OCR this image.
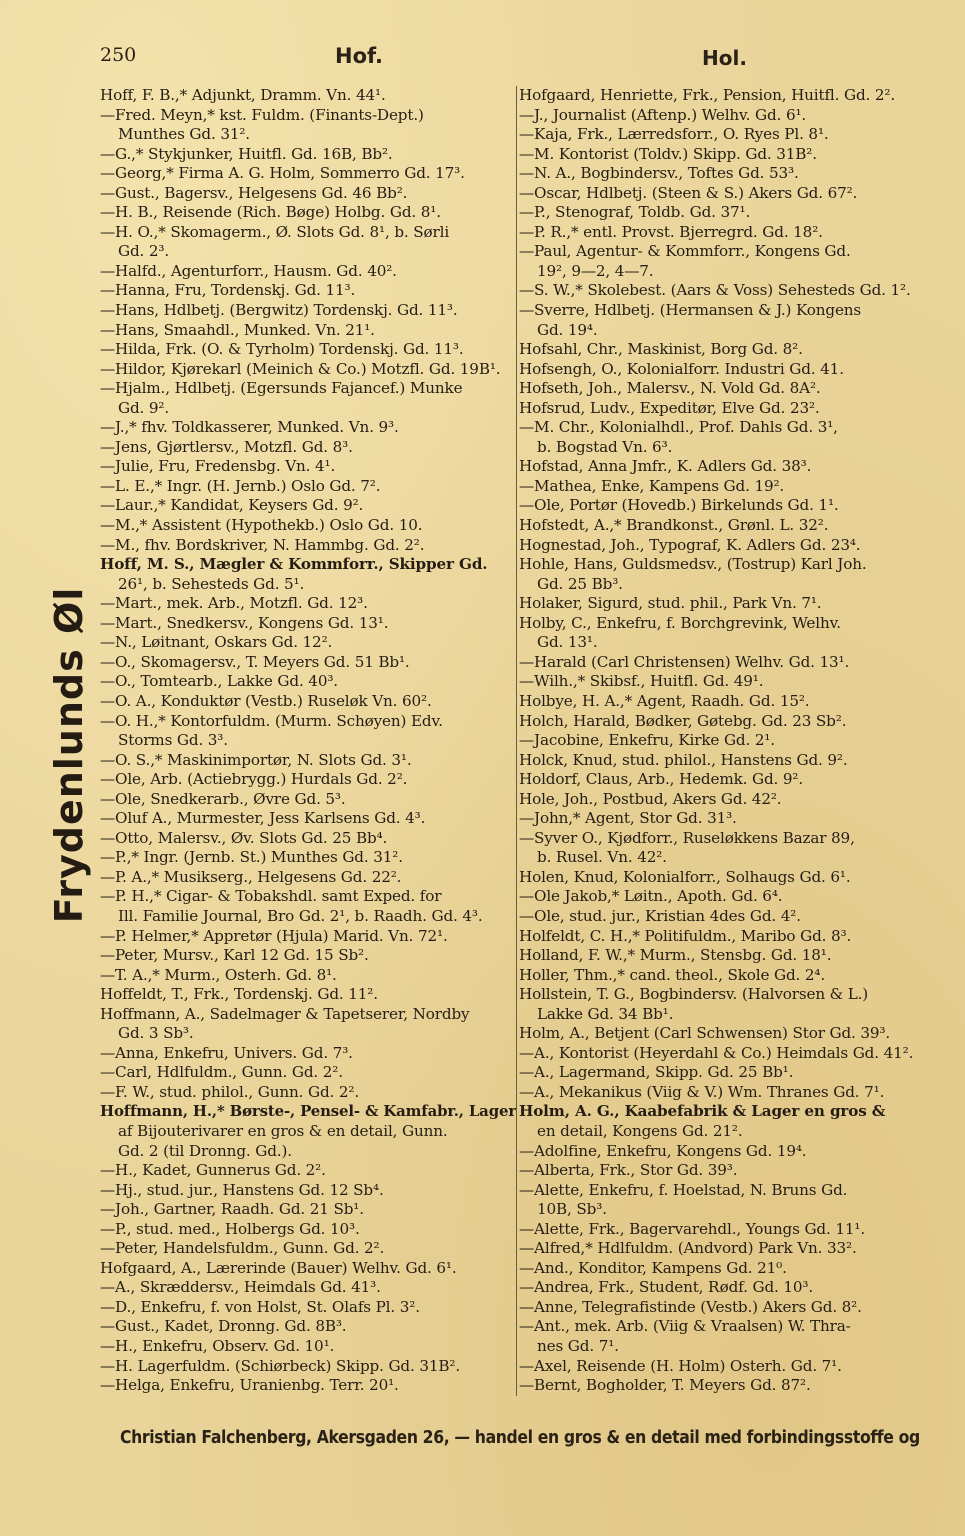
250	Hof.	Hol.
Frydenlunds Øl
Hoff, F. B.,* Adjunkt, Dramm. Vn. 44¹.
—Fred. Meyn,* kst. Fuldm. (Finants-Dept.)
Munthes Gd. 31².
—G.,* Stykjunker, Huitfl. Gd. 16B, Bb².
—Georg,* Firma A. G. Holm, Sommerro Gd. 17³.
—Gust., Bagersv., Helgesens Gd. 46 Bb².
—H. B., Reisende (Rich. Bøge) Holbg. Gd. 8¹.
—H. O.,* Skomagerm., Ø. Slots Gd. 8¹, b. Sørli
Gd. 2³.
—Halfd., Agenturforr., Hausm. Gd. 40².
—Hanna, Fru, Tordenskj. Gd. 11³.
—Hans, Hdlbetj. (Bergwitz) Tordenskj. Gd. 11³.
—Hans, Smaahdl., Munked. Vn. 21¹.
—Hilda, Frk. (O. & Tyrholm) Tordenskj. Gd. 11³.
—Hildor, Kjørekarl (Meinich & Co.) Motzfl. Gd. 19B¹.
—Hjalm., Hdlbetj. (Egersunds Fajancef.) Munke
Gd. 9².
—J.,* fhv. Toldkasserer, Munked. Vn. 9³.
—Jens, Gjørtlersv., Motzfl. Gd. 8³.
—Julie, Fru, Fredensbg. Vn. 4¹.
—L. E.,* Ingr. (H. Jernb.) Oslo Gd. 7².
—Laur.,* Kandidat, Keysers Gd. 9².
—M.,* Assistent (Hypothekb.) Oslo Gd. 10.
—M., fhv. Bordskriver, N. Hammbg. Gd. 2².
Hoff, M. S., Mægler & Kommforr., Skipper Gd.
26¹, b. Sehesteds Gd. 5¹.
—Mart., mek. Arb., Motzfl. Gd. 12³.
—Mart., Snedkersv., Kongens Gd. 13¹.
—N., Løitnant, Oskars Gd. 12².
—O., Skomagersv., T. Meyers Gd. 51 Bb¹.
—O., Tomtearb., Lakke Gd. 40³.
—O. A., Konduktør (Vestb.) Ruseløk Vn. 60².
—O. H.,* Kontorfuldm. (Murm. Schøyen) Edv.
Storms Gd. 3³.
—O. S.,* Maskinimportør, N. Slots Gd. 3¹.
—Ole, Arb. (Actiebrygg.) Hurdals Gd. 2².
—Ole, Snedkerarb., Øvre Gd. 5³.
—Oluf A., Murmester, Jess Karlsens Gd. 4³.
—Otto, Malersv., Øv. Slots Gd. 25 Bb⁴.
—P.,* Ingr. (Jernb. St.) Munthes Gd. 31².
—P. A.,* Musikserg., Helgesens Gd. 22².
—P. H.,* Cigar- & Tobakshdl. samt Exped. for
Ill. Familie Journal, Bro Gd. 2¹, b. Raadh. Gd. 4³.
—P. Helmer,* Appretør (Hjula) Marid. Vn. 72¹.
—Peter, Mursv., Karl 12 Gd. 15 Sb².
—T. A.,* Murm., Osterh. Gd. 8¹.
Hoffeldt, T., Frk., Tordenskj. Gd. 11².
Hoffmann, A., Sadelmager & Tapetserer, Nordby
Gd. 3 Sb³.
—Anna, Enkefru, Univers. Gd. 7³.
—Carl, Hdlfuldm., Gunn. Gd. 2².
—F. W., stud. philol., Gunn. Gd. 2².
Hoffmann, H.,* Børste-, Pensel- & Kamfabr., Lager
af Bijouterivarer en gros & en detail, Gunn.
Gd. 2 (til Dronng. Gd.).
—H., Kadet, Gunnerus Gd. 2².
—Hj., stud. jur., Hanstens Gd. 12 Sb⁴.
—Joh., Gartner, Raadh. Gd. 21 Sb¹.
—P., stud. med., Holbergs Gd. 10³.
—Peter, Handelsfuldm., Gunn. Gd. 2².
Hofgaard, A., Lærerinde (Bauer) Welhv. Gd. 6¹.
—A., Skræddersv., Heimdals Gd. 41³.
—D., Enkefru, f. von Holst, St. Olafs Pl. 3².
—Gust., Kadet, Dronng. Gd. 8B³.
—H., Enkefru, Observ. Gd. 10¹.
—H. Lagerfuldm. (Schiørbeck) Skipp. Gd. 31B².
—Helga, Enkefru, Uranienbg. Terr. 20¹.
Hofgaard, Henriette, Frk., Pension, Huitfl. Gd. 2².
—J., Journalist (Aftenp.) Welhv. Gd. 6¹.
—Kaja, Frk., Lærredsforr., O. Ryes Pl. 8¹.
—M. Kontorist (Toldv.) Skipp. Gd. 31B².
—N. A., Bogbindersv., Toftes Gd. 53³.
—Oscar, Hdlbetj. (Steen & S.) Akers Gd. 67².
—P., Stenograf, Toldb. Gd. 37¹.
—P. R.,* entl. Provst. Bjerregrd. Gd. 18².
—Paul, Agentur- & Kommforr., Kongens Gd.
19², 9—2, 4—7.
—S. W.,* Skolebest. (Aars & Voss) Sehesteds Gd. 1².
—Sverre, Hdlbetj. (Hermansen & J.) Kongens
Gd. 19⁴.
Hofsahl, Chr., Maskinist, Borg Gd. 8².
Hofsengh, O., Kolonialforr. Industri Gd. 41.
Hofseth, Joh., Malersv., N. Vold Gd. 8A².
Hofsrud, Ludv., Expeditør, Elve Gd. 23².
—M. Chr., Kolonialhdl., Prof. Dahls Gd. 3¹,
b. Bogstad Vn. 6³.
Hofstad, Anna Jmfr., K. Adlers Gd. 38³.
—Mathea, Enke, Kampens Gd. 19².
—Ole, Portør (Hovedb.) Birkelunds Gd. 1¹.
Hofstedt, A.,* Brandkonst., Grønl. L. 32².
Hognestad, Joh., Typograf, K. Adlers Gd. 23⁴.
Hohle, Hans, Guldsmedsv., (Tostrup) Karl Joh.
Gd. 25 Bb³.
Holaker, Sigurd, stud. phil., Park Vn. 7¹.
Holby, C., Enkefru, f. Borchgrevink, Welhv.
Gd. 13¹.
—Harald (Carl Christensen) Welhv. Gd. 13¹.
—Wilh.,* Skibsf., Huitfl. Gd. 49¹.
Holbye, H. A.,* Agent, Raadh. Gd. 15².
Holch, Harald, Bødker, Gøtebg. Gd. 23 Sb².
—Jacobine, Enkefru, Kirke Gd. 2¹.
Holck, Knud, stud. philol., Hanstens Gd. 9².
Holdorf, Claus, Arb., Hedemk. Gd. 9².
Hole, Joh., Postbud, Akers Gd. 42².
—John,* Agent, Stor Gd. 31³.
—Syver O., Kjødforr., Ruseløkkens Bazar 89,
b. Rusel. Vn. 42².
Holen, Knud, Kolonialforr., Solhaugs Gd. 6¹.
—Ole Jakob,* Løitn., Apoth. Gd. 6⁴.
—Ole, stud. jur., Kristian 4des Gd. 4².
Holfeldt, C. H.,* Politifuldm., Maribo Gd. 8³.
Holland, F. W.,* Murm., Stensbg. Gd. 18¹.
Holler, Thm.,* cand. theol., Skole Gd. 2⁴.
Hollstein, T. G., Bogbindersv. (Halvorsen & L.)
Lakke Gd. 34 Bb¹.
Holm, A., Betjent (Carl Schwensen) Stor Gd. 39³.
—A., Kontorist (Heyerdahl & Co.) Heimdals Gd. 41².
—A., Lagermand, Skipp. Gd. 25 Bb¹.
—A., Mekanikus (Viig & V.) Wm. Thranes Gd. 7¹.
Holm, A. G., Kaabefabrik & Lager en gros &
en detail, Kongens Gd. 21².
—Adolfine, Enkefru, Kongens Gd. 19⁴.
—Alberta, Frk., Stor Gd. 39³.
—Alette, Enkefru, f. Hoelstad, N. Bruns Gd.
10B, Sb³.
—Alette, Frk., Bagervarehdl., Youngs Gd. 11¹.
—Alfred,* Hdlfuldm. (Andvord) Park Vn. 33².
—And., Konditor, Kampens Gd. 21⁰.
—Andrea, Frk., Student, Rødf. Gd. 10³.
—Anne, Telegrafistinde (Vestb.) Akers Gd. 8².
—Ant., mek. Arb. (Viig & Vraalsen) W. Thra-
nes Gd. 7¹.
—Axel, Reisende (H. Holm) Osterh. Gd. 7¹.
—Bernt, Bogholder, T. Meyers Gd. 87².
Christian Falchenberg, Akersgaden 26, — handel en gros & en detail med forbindingsstoffe og
